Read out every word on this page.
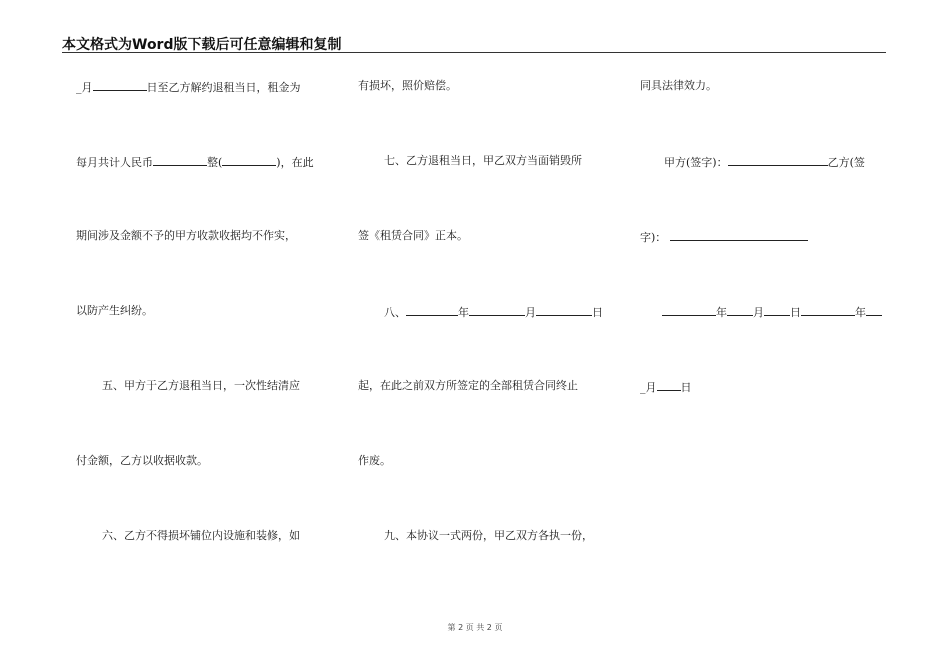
本文格式为Word版下载后可任意编辑和复制
_月	日至乙方解约退租当日，租金为
每月共计人民币	整(	)，在此
期间涉及金额不予的甲方收款收据均不作实，
以防产生纠纷。
五、甲方于乙方退租当日，一次性结清应
付金额，乙方以收据收款。
六、乙方不得损坏铺位内设施和装修，如
有损坏，照价赔偿。
七、乙方退租当日，甲乙双方当面销毁所
签《租赁合同》正本。
八、	年	月	日
起，在此之前双方所签定的全部租赁合同终止
作废。
九、本协议一式两份，甲乙双方各执一份，
同具法律效力。
甲方(签字)：	乙方(签
字)：
年 月 日	年
_月 日
第 2 页 共 2 页
